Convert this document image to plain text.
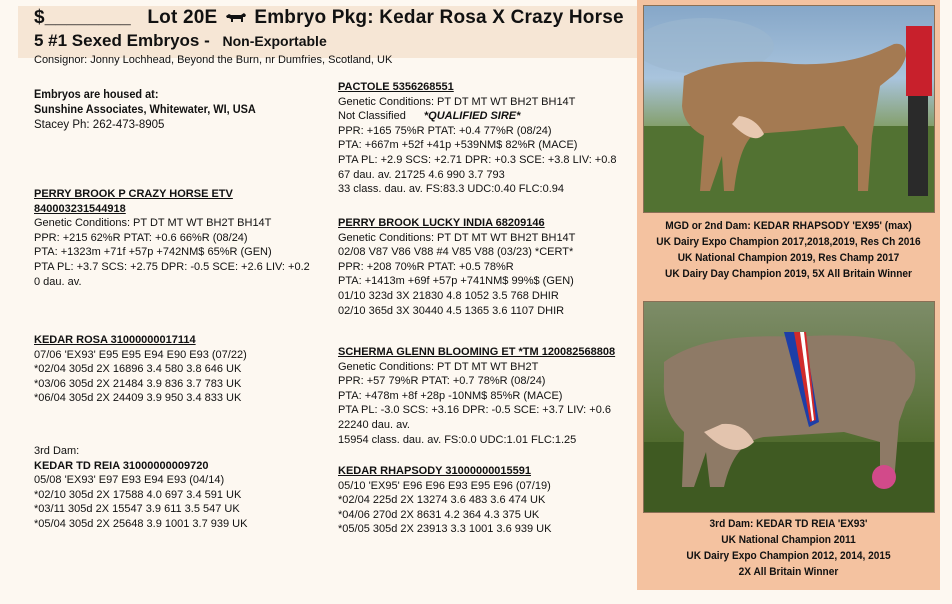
$________ Lot 20E Embryo Pkg: Kedar Rosa X Crazy Horse
5 #1 Sexed Embryos - Non-Exportable
Consignor: Jonny Lochhead, Beyond the Burn, nr Dumfries, Scotland, UK
Embryos are housed at:
Sunshine Associates, Whitewater, WI, USA
Stacey Ph: 262-473-8905
PERRY BROOK P CRAZY HORSE ETV
840003231544918
Genetic Conditions: PT DT MT WT BH2T BH14T
PPR: +215 62%R PTAT: +0.6 66%R (08/24)
PTA: +1323m +71f +57p +742NM$ 65%R (GEN)
PTA PL: +3.7 SCS: +2.75 DPR: -0.5 SCE: +2.6 LIV: +0.2
0 dau. av.
KEDAR ROSA 31000000017114
07/06 'EX93' E95 E95 E94 E90 E93 (07/22)
*02/04 305d 2X 16896 3.4 580 3.8 646 UK
*03/06 305d 2X 21484 3.9 836 3.7 783 UK
*06/04 305d 2X 24409 3.9 950 3.4 833 UK
3rd Dam:
KEDAR TD REIA 31000000009720
05/08 'EX93' E97 E93 E94 E93 (04/14)
*02/10 305d 2X 17588 4.0 697 3.4 591 UK
*03/11 305d 2X 15547 3.9 611 3.5 547 UK
*05/04 305d 2X 25648 3.9 1001 3.7 939 UK
PACTOLE 5356268551
Genetic Conditions: PT DT MT WT BH2T BH14T
Not Classified *QUALIFIED SIRE*
PPR: +165 75%R PTAT: +0.4 77%R (08/24)
PTA: +667m +52f +41p +539NM$ 82%R (MACE)
PTA PL: +2.9 SCS: +2.71 DPR: +0.3 SCE: +3.8 LIV: +0.8
67 dau. av. 21725 4.6 990 3.7 793
33 class. dau. av. FS:83.3 UDC:0.40 FLC:0.94
PERRY BROOK LUCKY INDIA 68209146
Genetic Conditions: PT DT MT WT BH2T BH14T
02/08 V87 V86 V88 #4 V85 V88 (03/23) *CERT*
PPR: +208 70%R PTAT: +0.5 78%R
PTA: +1413m +69f +57p +741NM$ 99%$ (GEN)
01/10 323d 3X 21830 4.8 1052 3.5 768 DHIR
02/10 365d 3X 30440 4.5 1365 3.6 1107 DHIR
SCHERMA GLENN BLOOMING ET *TM 120082568808
Genetic Conditions: PT DT MT WT BH2T
PPR: +57 79%R PTAT: +0.7 78%R (08/24)
PTA: +478m +8f +28p -10NM$ 85%R (MACE)
PTA PL: -3.0 SCS: +3.16 DPR: -0.5 SCE: +3.7 LIV: +0.6
22240 dau. av.
15954 class. dau. av. FS:0.0 UDC:1.01 FLC:1.25
KEDAR RHAPSODY 31000000015591
05/10 'EX95' E96 E96 E93 E95 E96 (07/19)
*02/04 225d 2X 13274 3.6 483 3.6 474 UK
*04/06 270d 2X 8631 4.2 364 4.3 375 UK
*05/05 305d 2X 23913 3.3 1001 3.6 939 UK
MGD or 2nd Dam: KEDAR RHAPSODY 'EX95' (max)
UK Dairy Expo Champion 2017,2018,2019, Res Ch 2016
UK National Champion 2019, Res Champ 2017
UK Dairy Day Champion 2019, 5X All Britain Winner
3rd Dam: KEDAR TD REIA 'EX93'
UK National Champion 2011
UK Dairy Expo Champion 2012, 2014, 2015
2X All Britain Winner
